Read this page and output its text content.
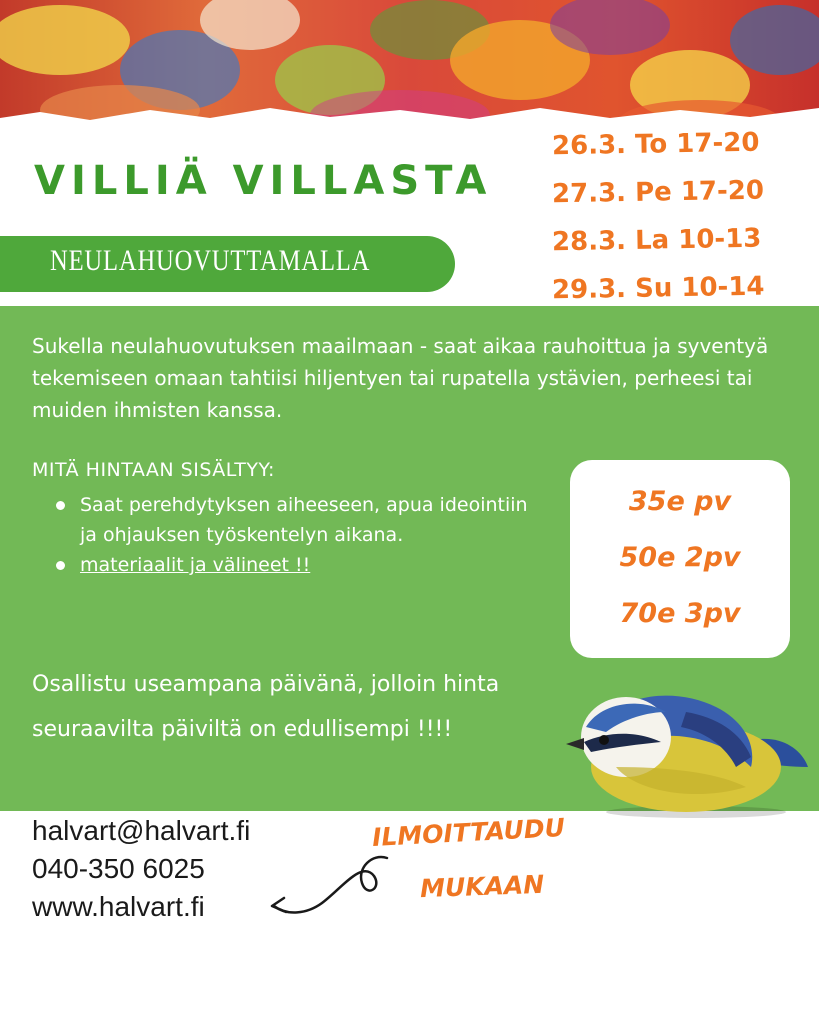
VILLIÄ VILLASTA
NEULAHUOVUTTAMALLA
26.3. To 17-20
27.3. Pe 17-20
28.3. La 10-13
29.3. Su 10-14
Sukella neulahuovutuksen maailmaan - saat aikaa rauhoittua ja syventyä tekemiseen omaan tahtiisi hiljentyen tai rupatella ystävien, perheesi tai muiden ihmisten kanssa.
MITÄ HINTAAN SISÄLTYY:
Saat perehdytyksen aiheeseen, apua ideointiin ja ohjauksen työskentelyn aikana.
materiaalit ja välineet !!
35e pv
50e 2pv
70e 3pv
Osallistu useampana päivänä, jolloin hinta seuraavilta päiviltä on edullisempi !!!!
halvart@halvart.fi
040-350 6025
www.halvart.fi
ILMOITTAUDU
MUKAAN
